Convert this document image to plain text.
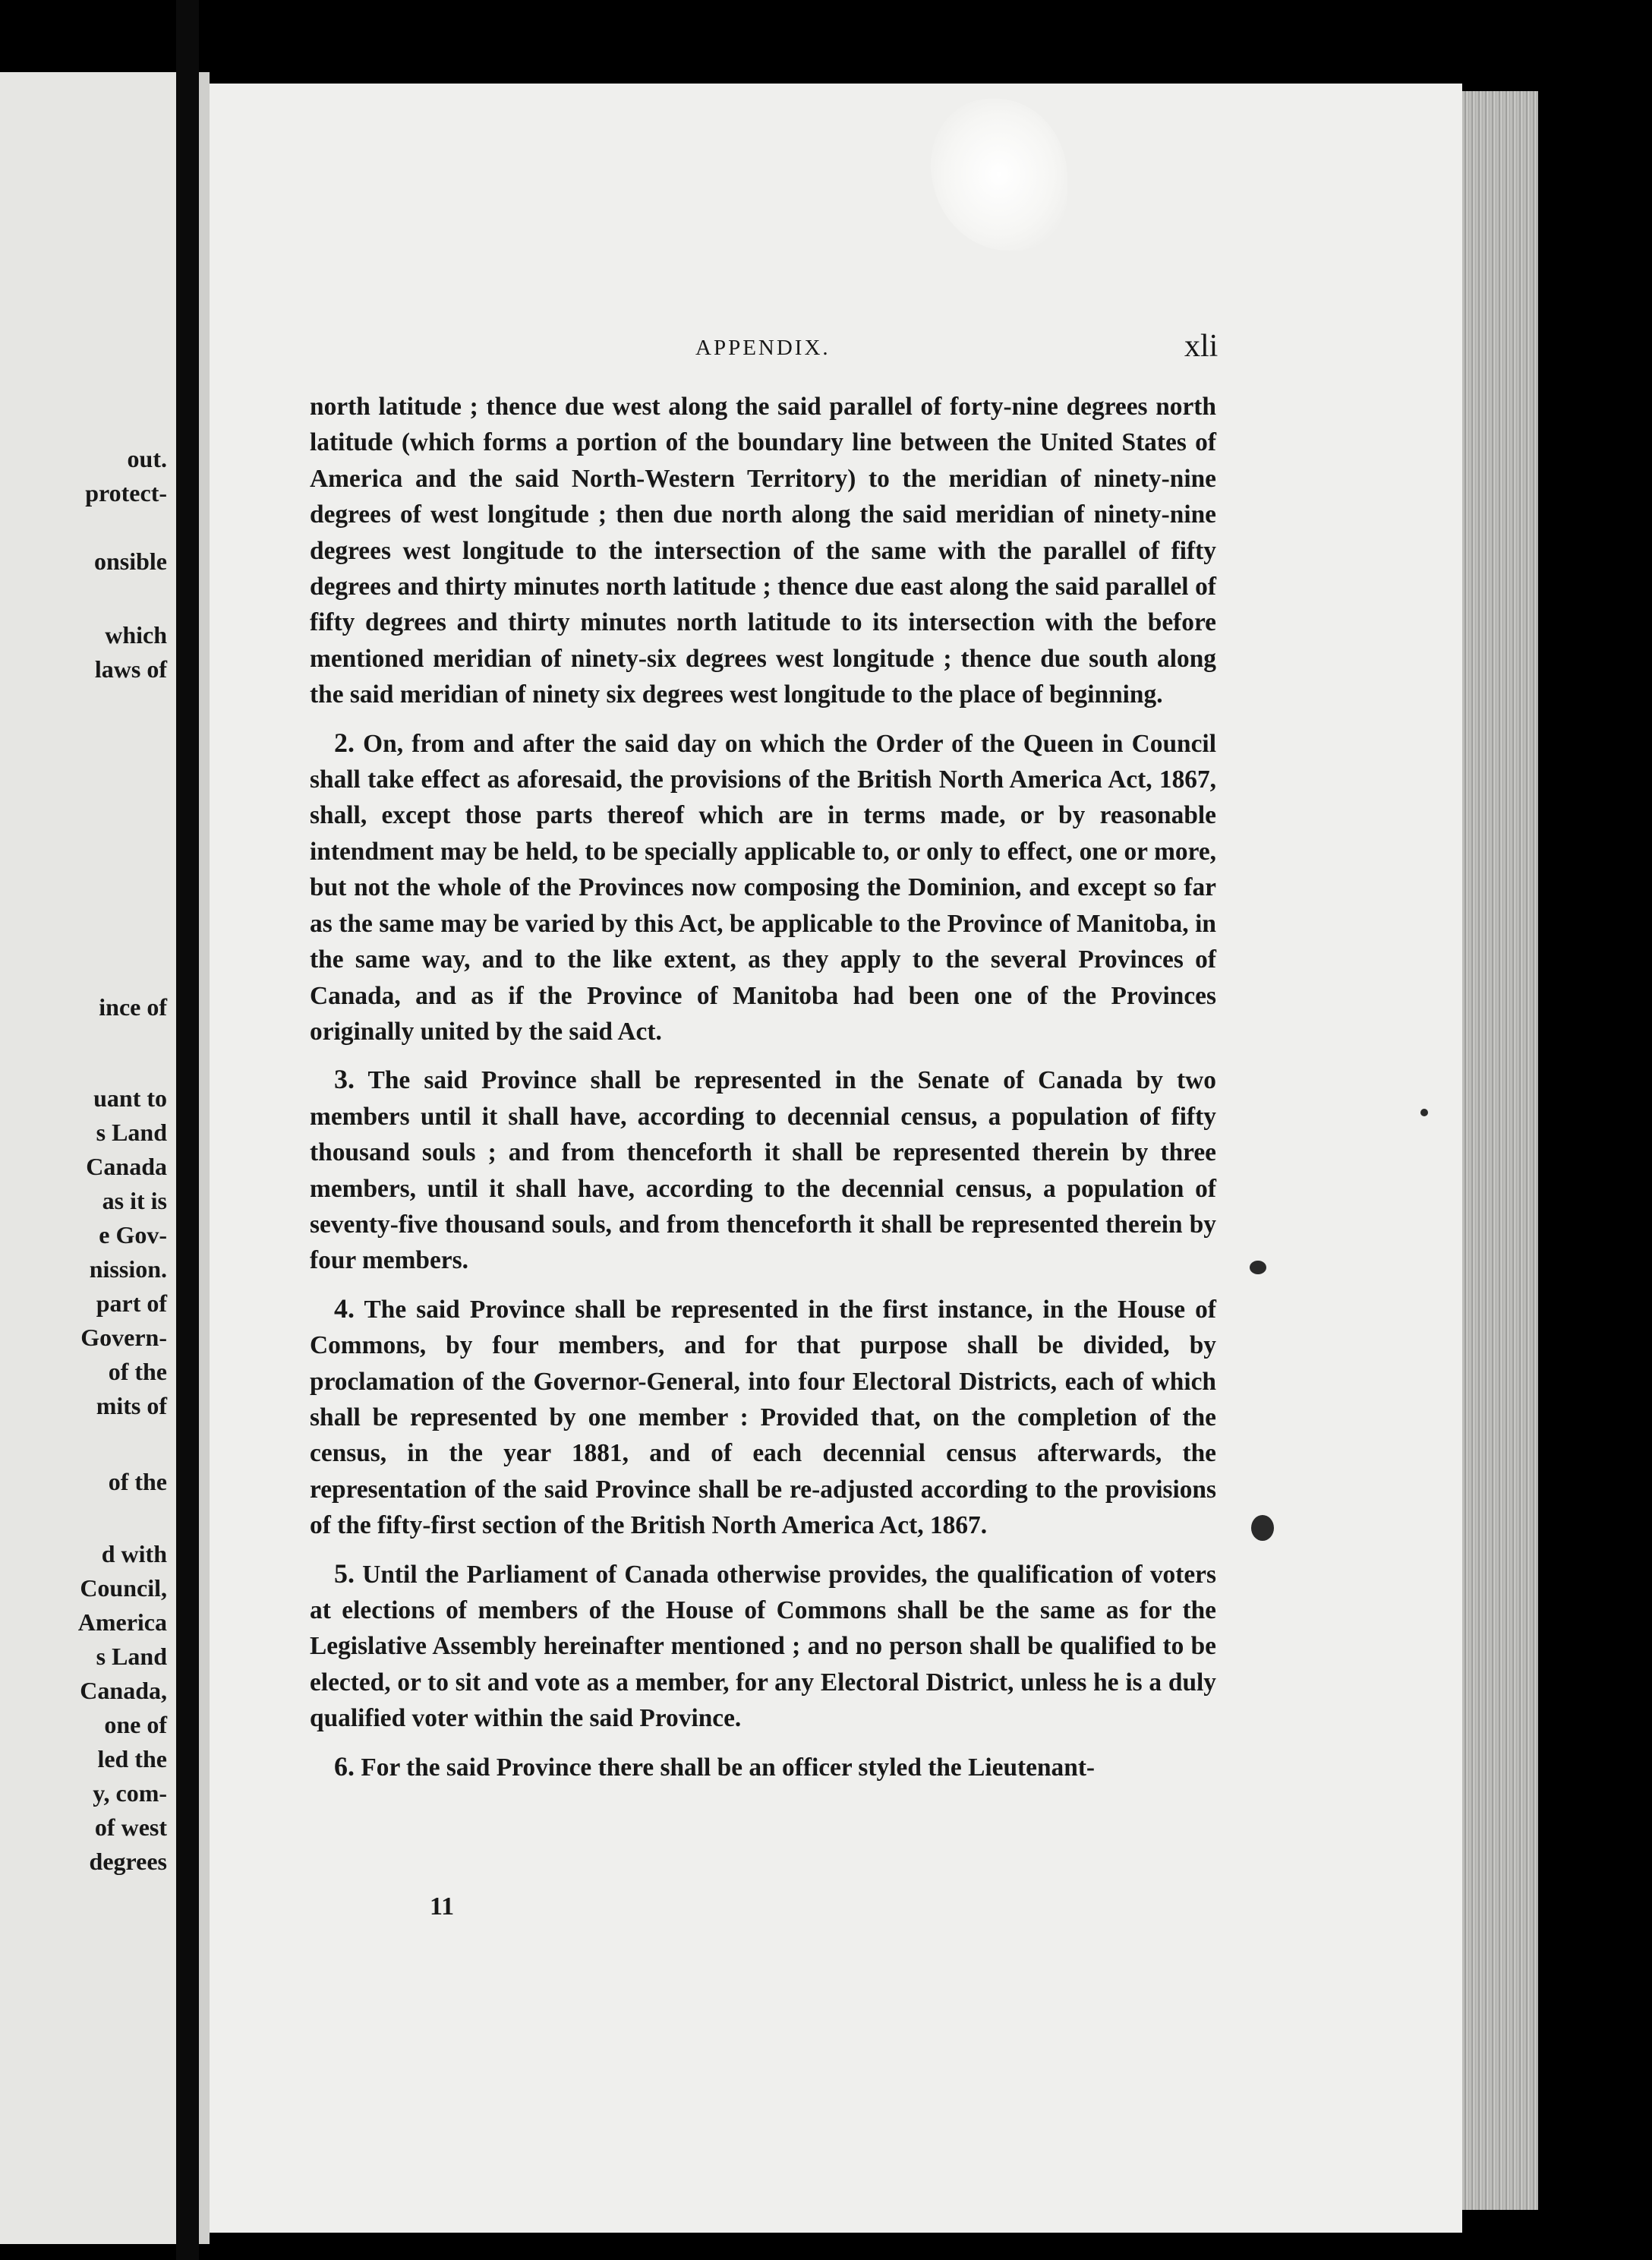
out.
protect-
onsible
which
laws of
ince of
uant to
s Land
Canada
as it is
e Gov-
nission.
part of
Govern-
of the
mits of
of the
d with
Council,
America
s Land
Canada,
one of
led the
y, com-
of west
degrees
APPENDIX.	xli

north latitude ; thence due west along the said parallel of forty-nine degrees north latitude (which forms a portion of the boundary line between the United States of America and the said North-Western Territory) to the meridian of ninety-nine degrees of west longitude ; then due north along the said meridian of ninety-nine degrees west longitude to the intersection of the same with the parallel of fifty degrees and thirty minutes north latitude ; thence due east along the said parallel of fifty degrees and thirty minutes north latitude to its intersection with the before mentioned meridian of ninety-six degrees west longitude ; thence due south along the said meridian of ninety six degrees west longitude to the place of beginning.

2. On, from and after the said day on which the Order of the Queen in Council shall take effect as aforesaid, the provisions of the British North America Act, 1867, shall, except those parts thereof which are in terms made, or by reasonable intendment may be held, to be specially applicable to, or only to effect, one or more, but not the whole of the Provinces now composing the Dominion, and except so far as the same may be varied by this Act, be applicable to the Province of Manitoba, in the same way, and to the like extent, as they apply to the several Provinces of Canada, and as if the Province of Manitoba had been one of the Provinces originally united by the said Act.

3. The said Province shall be represented in the Senate of Canada by two members until it shall have, according to decennial census, a population of fifty thousand souls ; and from thenceforth it shall be represented therein by three members, until it shall have, according to the decennial census, a population of seventy-five thousand souls, and from thenceforth it shall be represented therein by four members.

4. The said Province shall be represented in the first instance, in the House of Commons, by four members, and for that purpose shall be divided, by proclamation of the Governor-General, into four Electoral Districts, each of which shall be represented by one member : Provided that, on the completion of the census, in the year 1881, and of each decennial census afterwards, the representation of the said Province shall be re-adjusted according to the provisions of the fifty-first section of the British North America Act, 1867.

5. Until the Parliament of Canada otherwise provides, the qualification of voters at elections of members of the House of Commons shall be the same as for the Legislative Assembly hereinafter mentioned ; and no person shall be qualified to be elected, or to sit and vote as a member, for any Electoral District, unless he is a duly qualified voter within the said Province.

6. For the said Province there shall be an officer styled the Lieutenant-

11
